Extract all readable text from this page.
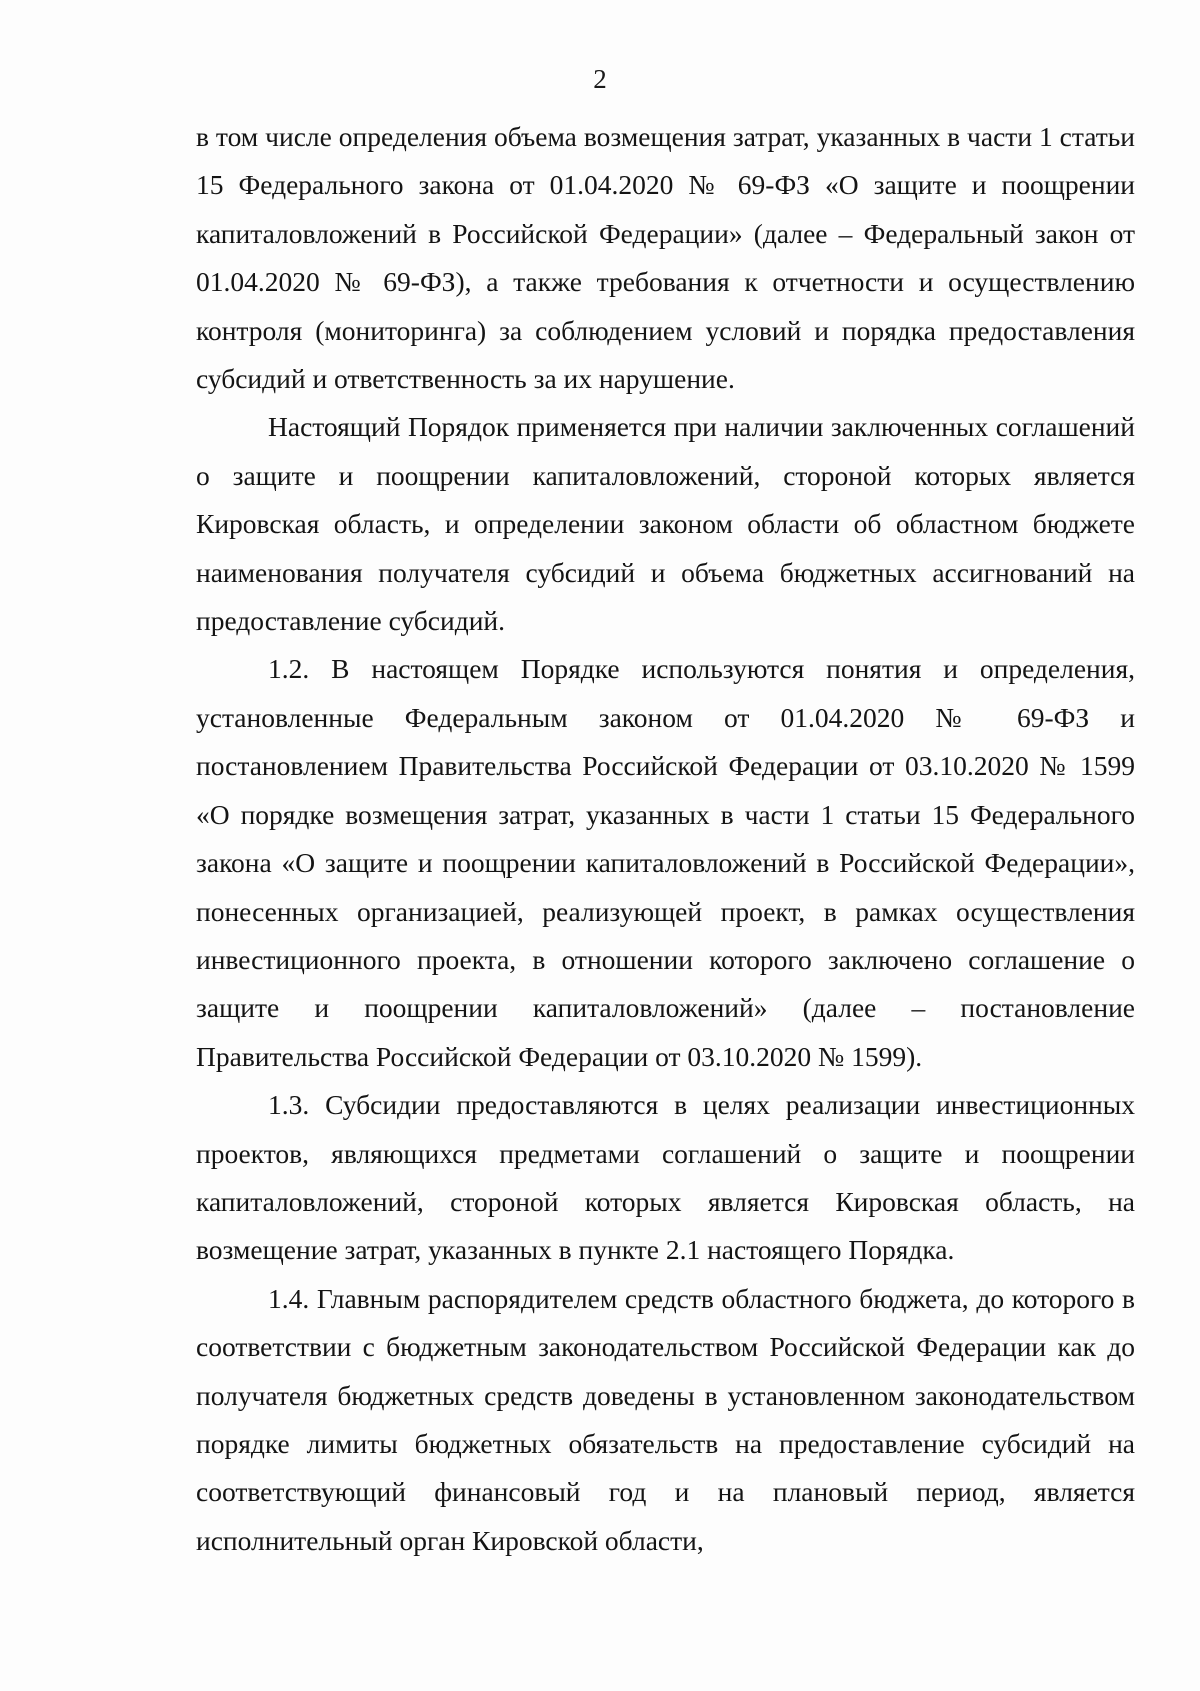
2

в том числе определения объема возмещения затрат, указанных в части 1 статьи 15 Федерального закона от 01.04.2020 № 69-ФЗ «О защите и поощрении капиталовложений в Российской Федерации» (далее – Федеральный закон от 01.04.2020 № 69-ФЗ), а также требования к отчетности и осуществлению контроля (мониторинга) за соблюдением условий и порядка предоставления субсидий и ответственность за их нарушение.

Настоящий Порядок применяется при наличии заключенных соглашений о защите и поощрении капиталовложений, стороной которых является Кировская область, и определении законом области об областном бюджете наименования получателя субсидий и объема бюджетных ассигнований на предоставление субсидий.

1.2. В настоящем Порядке используются понятия и определения, установленные Федеральным законом от 01.04.2020 № 69-ФЗ и постановлением Правительства Российской Федерации от 03.10.2020 № 1599 «О порядке возмещения затрат, указанных в части 1 статьи 15 Федерального закона «О защите и поощрении капиталовложений в Российской Федерации», понесенных организацией, реализующей проект, в рамках осуществления инвестиционного проекта, в отношении которого заключено соглашение о защите и поощрении капиталовложений» (далее – постановление Правительства Российской Федерации от 03.10.2020 № 1599).

1.3. Субсидии предоставляются в целях реализации инвестиционных проектов, являющихся предметами соглашений о защите и поощрении капиталовложений, стороной которых является Кировская область, на возмещение затрат, указанных в пункте 2.1 настоящего Порядка.

1.4. Главным распорядителем средств областного бюджета, до которого в соответствии с бюджетным законодательством Российской Федерации как до получателя бюджетных средств доведены в установленном законодательством порядке лимиты бюджетных обязательств на предоставление субсидий на соответствующий финансовый год и на плановый период, является исполнительный орган Кировской области,
